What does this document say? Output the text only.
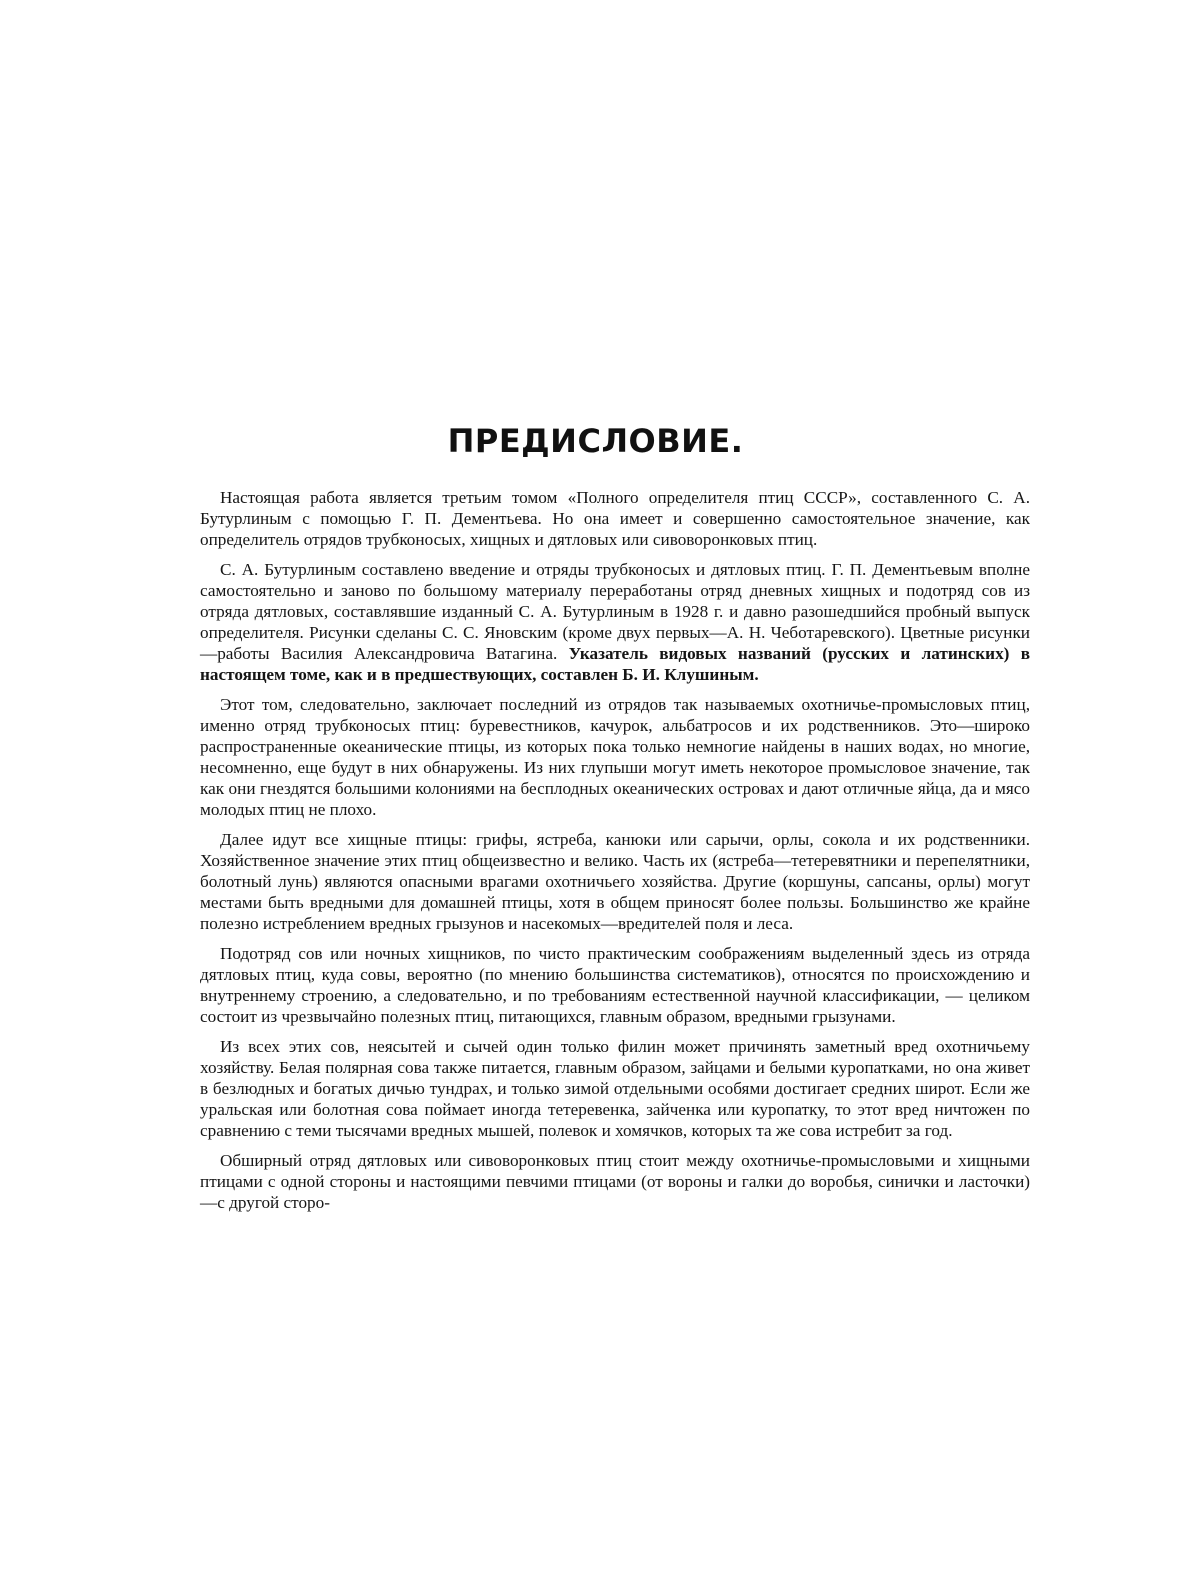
ПРЕДИСЛОВИЕ.

Настоящая работа является третьим томом «Полного определителя птиц СССР», составленного С. А. Бутурлиным с помощью Г. П. Дементьева. Но она имеет и совершенно самостоятельное значение, как определитель отрядов трубконосых, хищных и дятловых или сивоворонковых птиц.

С. А. Бутурлиным составлено введение и отряды трубконосых и дятловых птиц. Г. П. Дементьевым вполне самостоятельно и заново по большому материалу переработаны отряд дневных хищных и подотряд сов из отряда дятловых, составлявшие изданный С. А. Бутурлиным в 1928 г. и давно разошедшийся пробный выпуск определителя. Рисунки сделаны С. С. Яновским (кроме двух первых—А. Н. Чеботаревского). Цветные рисунки—работы Василия Александровича Ватагина. Указатель видовых названий (русских и латинских) в настоящем томе, как и в предшествующих, составлен Б. И. Клушиным.

Этот том, следовательно, заключает последний из отрядов так называемых охотничье-промысловых птиц, именно отряд трубконосых птиц: буревестников, качурок, альбатросов и их родственников. Это—широко распространенные океанические птицы, из которых пока только немногие найдены в наших водах, но многие, несомненно, еще будут в них обнаружены. Из них глупыши могут иметь некоторое промысловое значение, так как они гнездятся большими колониями на бесплодных океанических островах и дают отличные яйца, да и мясо молодых птиц не плохо.

Далее идут все хищные птицы: грифы, ястреба, канюки или сарычи, орлы, сокола и их родственники. Хозяйственное значение этих птиц общеизвестно и велико. Часть их (ястреба—тетеревятники и перепелятники, болотный лунь) являются опасными врагами охотничьего хозяйства. Другие (коршуны, сапсаны, орлы) могут местами быть вредными для домашней птицы, хотя в общем приносят более пользы. Большинство же крайне полезно истреблением вредных грызунов и насекомых—вредителей поля и леса.

Подотряд сов или ночных хищников, по чисто практическим соображениям выделенный здесь из отряда дятловых птиц, куда совы, вероятно (по мнению большинства систематиков), относятся по происхождению и внутреннему строению, а следовательно, и по требованиям естественной научной классификации, — целиком состоит из чрезвычайно полезных птиц, питающихся, главным образом, вредными грызунами.

Из всех этих сов, неясытей и сычей один только филин может причинять заметный вред охотничьему хозяйству. Белая полярная сова также питается, главным образом, зайцами и белыми куропатками, но она живет в безлюдных и богатых дичью тундрах, и только зимой отдельными особями достигает средних широт. Если же уральская или болотная сова поймает иногда тетеревенка, зайченка или куропатку, то этот вред ничтожен по сравнению с теми тысячами вредных мышей, полевок и хомячков, которых та же сова истребит за год.

Обширный отряд дятловых или сивоворонковых птиц стоит между охотничье-промысловыми и хищными птицами с одной стороны и настоящими певчими птицами (от вороны и галки до воробья, синички и ласточки)—с другой сторо-
